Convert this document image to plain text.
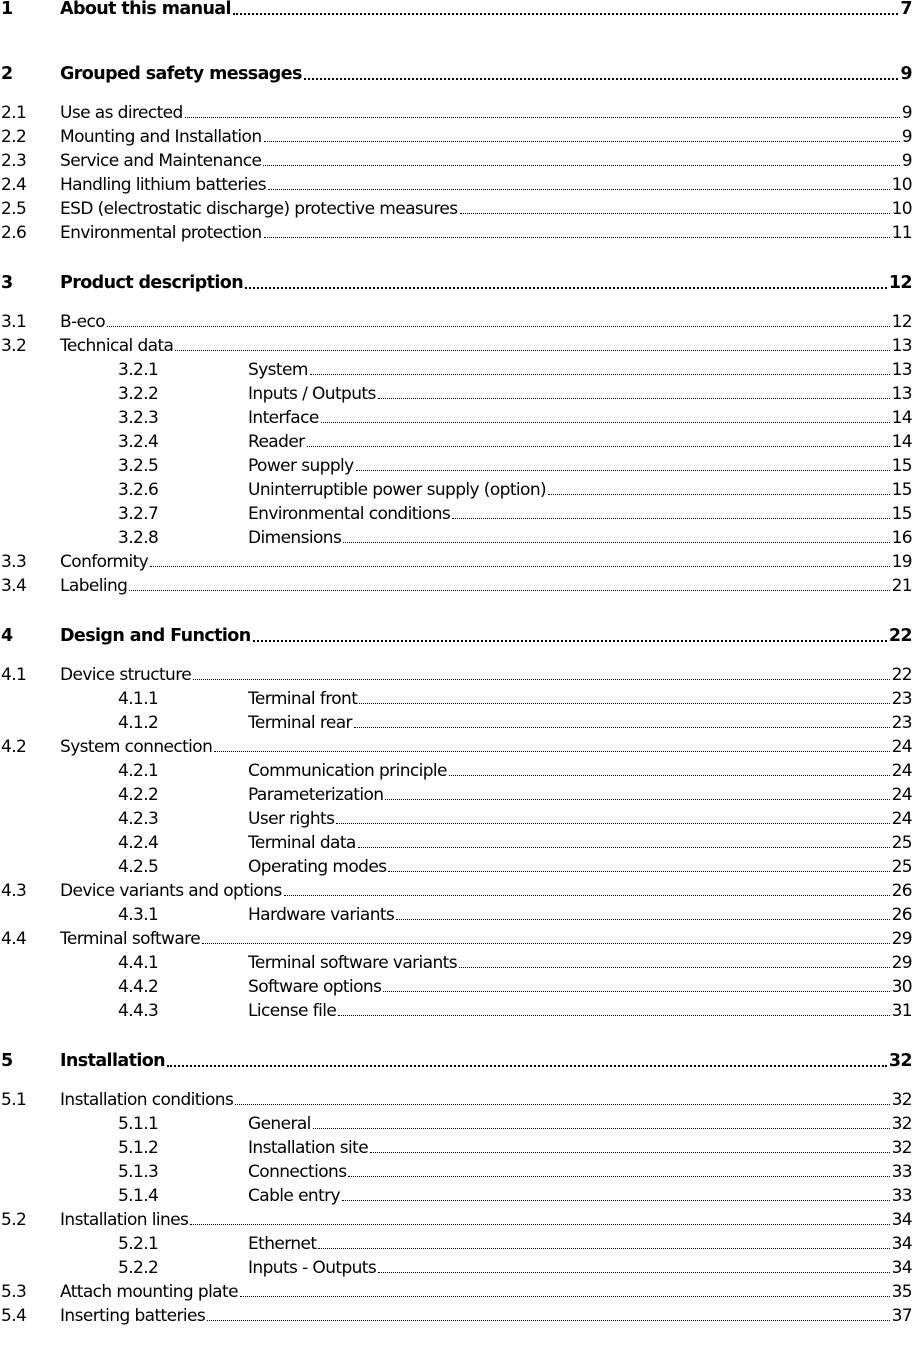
1	About this manual	7
2	Grouped safety messages	9
2.1	Use as directed	9
2.2	Mounting and Installation	9
2.3	Service and Maintenance	9
2.4	Handling lithium batteries	10
2.5	ESD (electrostatic discharge) protective measures	10
2.6	Environmental protection	11
3	Product description	12
3.1	B-eco	12
3.2	Technical data	13
3.2.1	System	13
3.2.2	Inputs / Outputs	13
3.2.3	Interface	14
3.2.4	Reader	14
3.2.5	Power supply	15
3.2.6	Uninterruptible power supply (option)	15
3.2.7	Environmental conditions	15
3.2.8	Dimensions	16
3.3	Conformity	19
3.4	Labeling	21
4	Design and Function	22
4.1	Device structure	22
4.1.1	Terminal front	23
4.1.2	Terminal rear	23
4.2	System connection	24
4.2.1	Communication principle	24
4.2.2	Parameterization	24
4.2.3	User rights	24
4.2.4	Terminal data	25
4.2.5	Operating modes	25
4.3	Device variants and options	26
4.3.1	Hardware variants	26
4.4	Terminal software	29
4.4.1	Terminal software variants	29
4.4.2	Software options	30
4.4.3	License file	31
5	Installation	32
5.1	Installation conditions	32
5.1.1	General	32
5.1.2	Installation site	32
5.1.3	Connections	33
5.1.4	Cable entry	33
5.2	Installation lines	34
5.2.1	Ethernet	34
5.2.2	Inputs - Outputs	34
5.3	Attach mounting plate	35
5.4	Inserting batteries	37
